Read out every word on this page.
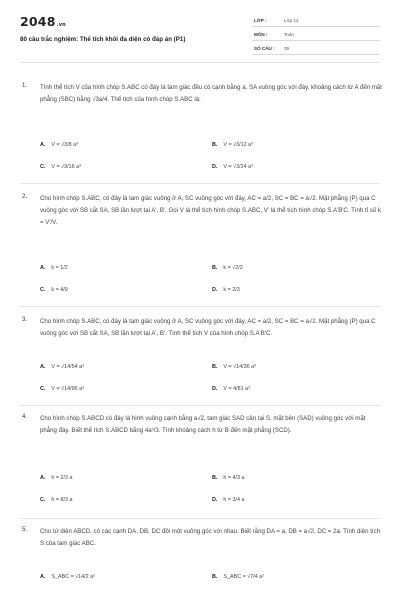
2048.vn
80 câu trắc nghiệm: Thể tích khối đa diện có đáp án (P1)
LỚP :	Lớp 12
MÔN :	Toán
SỐ CÂU : 39
1. Tính thể tích V của hình chóp S.ABC có đáy là tam giác đều có cạnh bằng a, SA vuông góc với đáy, khoảng cách từ A đến mặt phẳng (SBC) bằng √3a/4. Thể tích của hình chóp S.ABC là:
A. V = √3/8 a³	B. V = √3/12 a³
C. V = √3/16 a³	D. V = √3/24 a³
2. Cho hình chóp S.ABC, có đáy là tam giác vuông ở A, SC vuông góc với đáy, AC = a/2, SC = BC = a√2. Mặt phẳng (P) qua C vuông góc với SB cắt SA, SB lần lượt tại A', B'. Gọi V là thể tích hình chóp S.ABC, V' là thể tích hình chóp S.A'B'C. Tính tỉ số k = V'/V.
A. k = 1/2	B. k = √2/2
C. k = 4/9	D. k = 2/3
3. Cho hình chóp S.ABC, có đáy là tam giác vuông ở A, SC vuông góc với đáy, AC = a/2, SC = BC = a√2. Mặt phẳng (P) qua C vuông góc với SB cắt SA, SB lần lượt tại A', B'. Tính thể tích V của hình chóp S.A'B'C.
A. V = √14/54 a³	B. V = √14/36 a³
C. V = √14/96 a³	D. V = 4/81 a³
4. Cho hình chóp S.ABCD có đáy là hình vuông cạnh bằng a√2, tam giác SAD cân tại S, mặt bên (SAD) vuông góc với mặt phẳng đáy. Biết thể tích S.ABCD bằng 4a³/3. Tính khoảng cách h từ B đến mặt phẳng (SCD).
A. h = 2/3 a	B. h = 4/3 a
C. h = 8/3 a	D. h = 3/4 a
5. Cho tứ diện ABCD, có các cạnh DA, DB, DC đôi một vuông góc với nhau. Biết rằng DA = a, DB = a√2, DC = 2a. Tính diện tích S của tam giác ABC.
A. S_ABC = √14/2 a²	B. S_ABC = √7/4 a²
